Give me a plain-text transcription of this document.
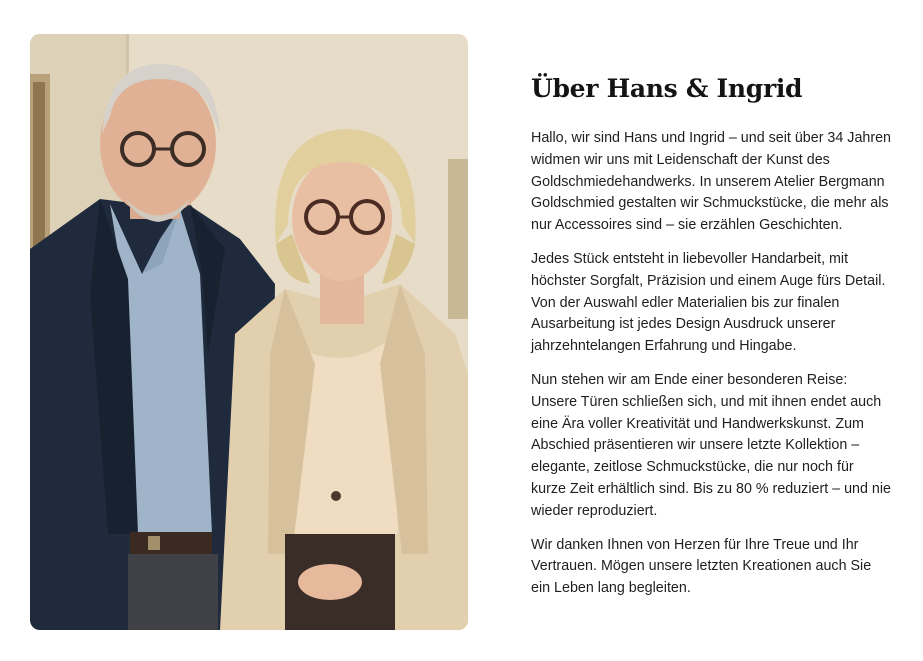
Über Hans & Ingrid

Hallo, wir sind Hans und Ingrid – und seit über 34 Jahren widmen wir uns mit Leidenschaft der Kunst des Goldschmiedehandwerks. In unserem Atelier Bergmann Goldschmied gestalten wir Schmuckstücke, die mehr als nur Accessoires sind – sie erzählen Geschichten.

Jedes Stück entsteht in liebevoller Handarbeit, mit höchster Sorgfalt, Präzision und einem Auge fürs Detail. Von der Auswahl edler Materialien bis zur finalen Ausarbeitung ist jedes Design Ausdruck unserer jahrzehntelangen Erfahrung und Hingabe.

Nun stehen wir am Ende einer besonderen Reise: Unsere Türen schließen sich, und mit ihnen endet auch eine Ära voller Kreativität und Handwerkskunst. Zum Abschied präsentieren wir unsere letzte Kollektion – elegante, zeitlose Schmuckstücke, die nur noch für kurze Zeit erhältlich sind. Bis zu 80 % reduziert – und nie wieder reproduziert.

Wir danken Ihnen von Herzen für Ihre Treue und Ihr Vertrauen. Mögen unsere letzten Kreationen auch Sie ein Leben lang begleiten.
